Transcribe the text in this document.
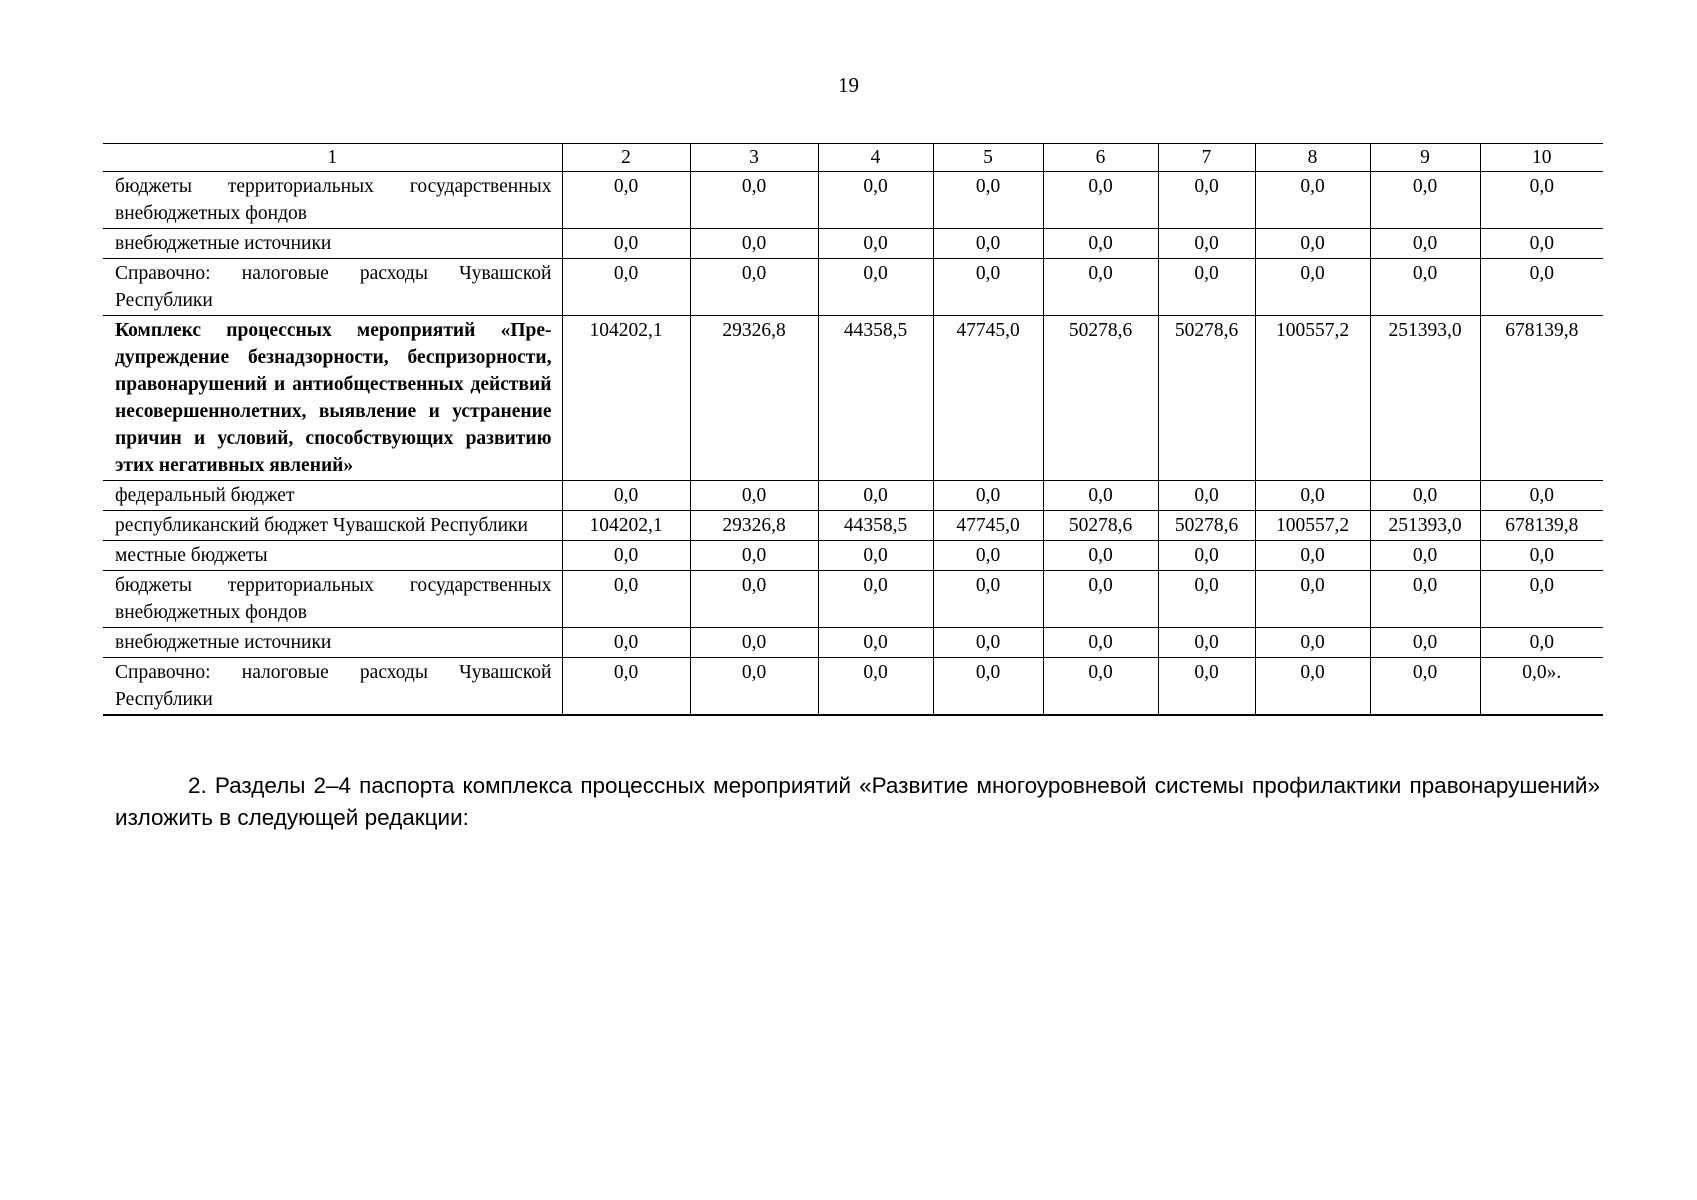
19
1	2	3	4	5	6	7	8	9	10
бюджеты территориальных государственных внебюджетных фондов	0,0	0,0	0,0	0,0	0,0	0,0	0,0	0,0	0,0
внебюджетные источники	0,0	0,0	0,0	0,0	0,0	0,0	0,0	0,0	0,0
Справочно: налоговые расходы Чувашской Республики	0,0	0,0	0,0	0,0	0,0	0,0	0,0	0,0	0,0
Комплекс процессных мероприятий «Предупреждение безнадзорности, беспризорности, правонарушений и антиобщественных действий несовершеннолетних, выявление и устранение причин и условий, способствующих развитию этих негативных явлений»	104202,1	29326,8	44358,5	47745,0	50278,6	50278,6	100557,2	251393,0	678139,8
федеральный бюджет	0,0	0,0	0,0	0,0	0,0	0,0	0,0	0,0	0,0
республиканский бюджет Чувашской Республики	104202,1	29326,8	44358,5	47745,0	50278,6	50278,6	100557,2	251393,0	678139,8
местные бюджеты	0,0	0,0	0,0	0,0	0,0	0,0	0,0	0,0	0,0
бюджеты территориальных государственных внебюджетных фондов	0,0	0,0	0,0	0,0	0,0	0,0	0,0	0,0	0,0
внебюджетные источники	0,0	0,0	0,0	0,0	0,0	0,0	0,0	0,0	0,0
Справочно: налоговые расходы Чувашской Республики	0,0	0,0	0,0	0,0	0,0	0,0	0,0	0,0	0,0».
2. Разделы 2–4 паспорта комплекса процессных мероприятий «Развитие многоуровневой системы профилактики правонарушений» изложить в следующей редакции:
